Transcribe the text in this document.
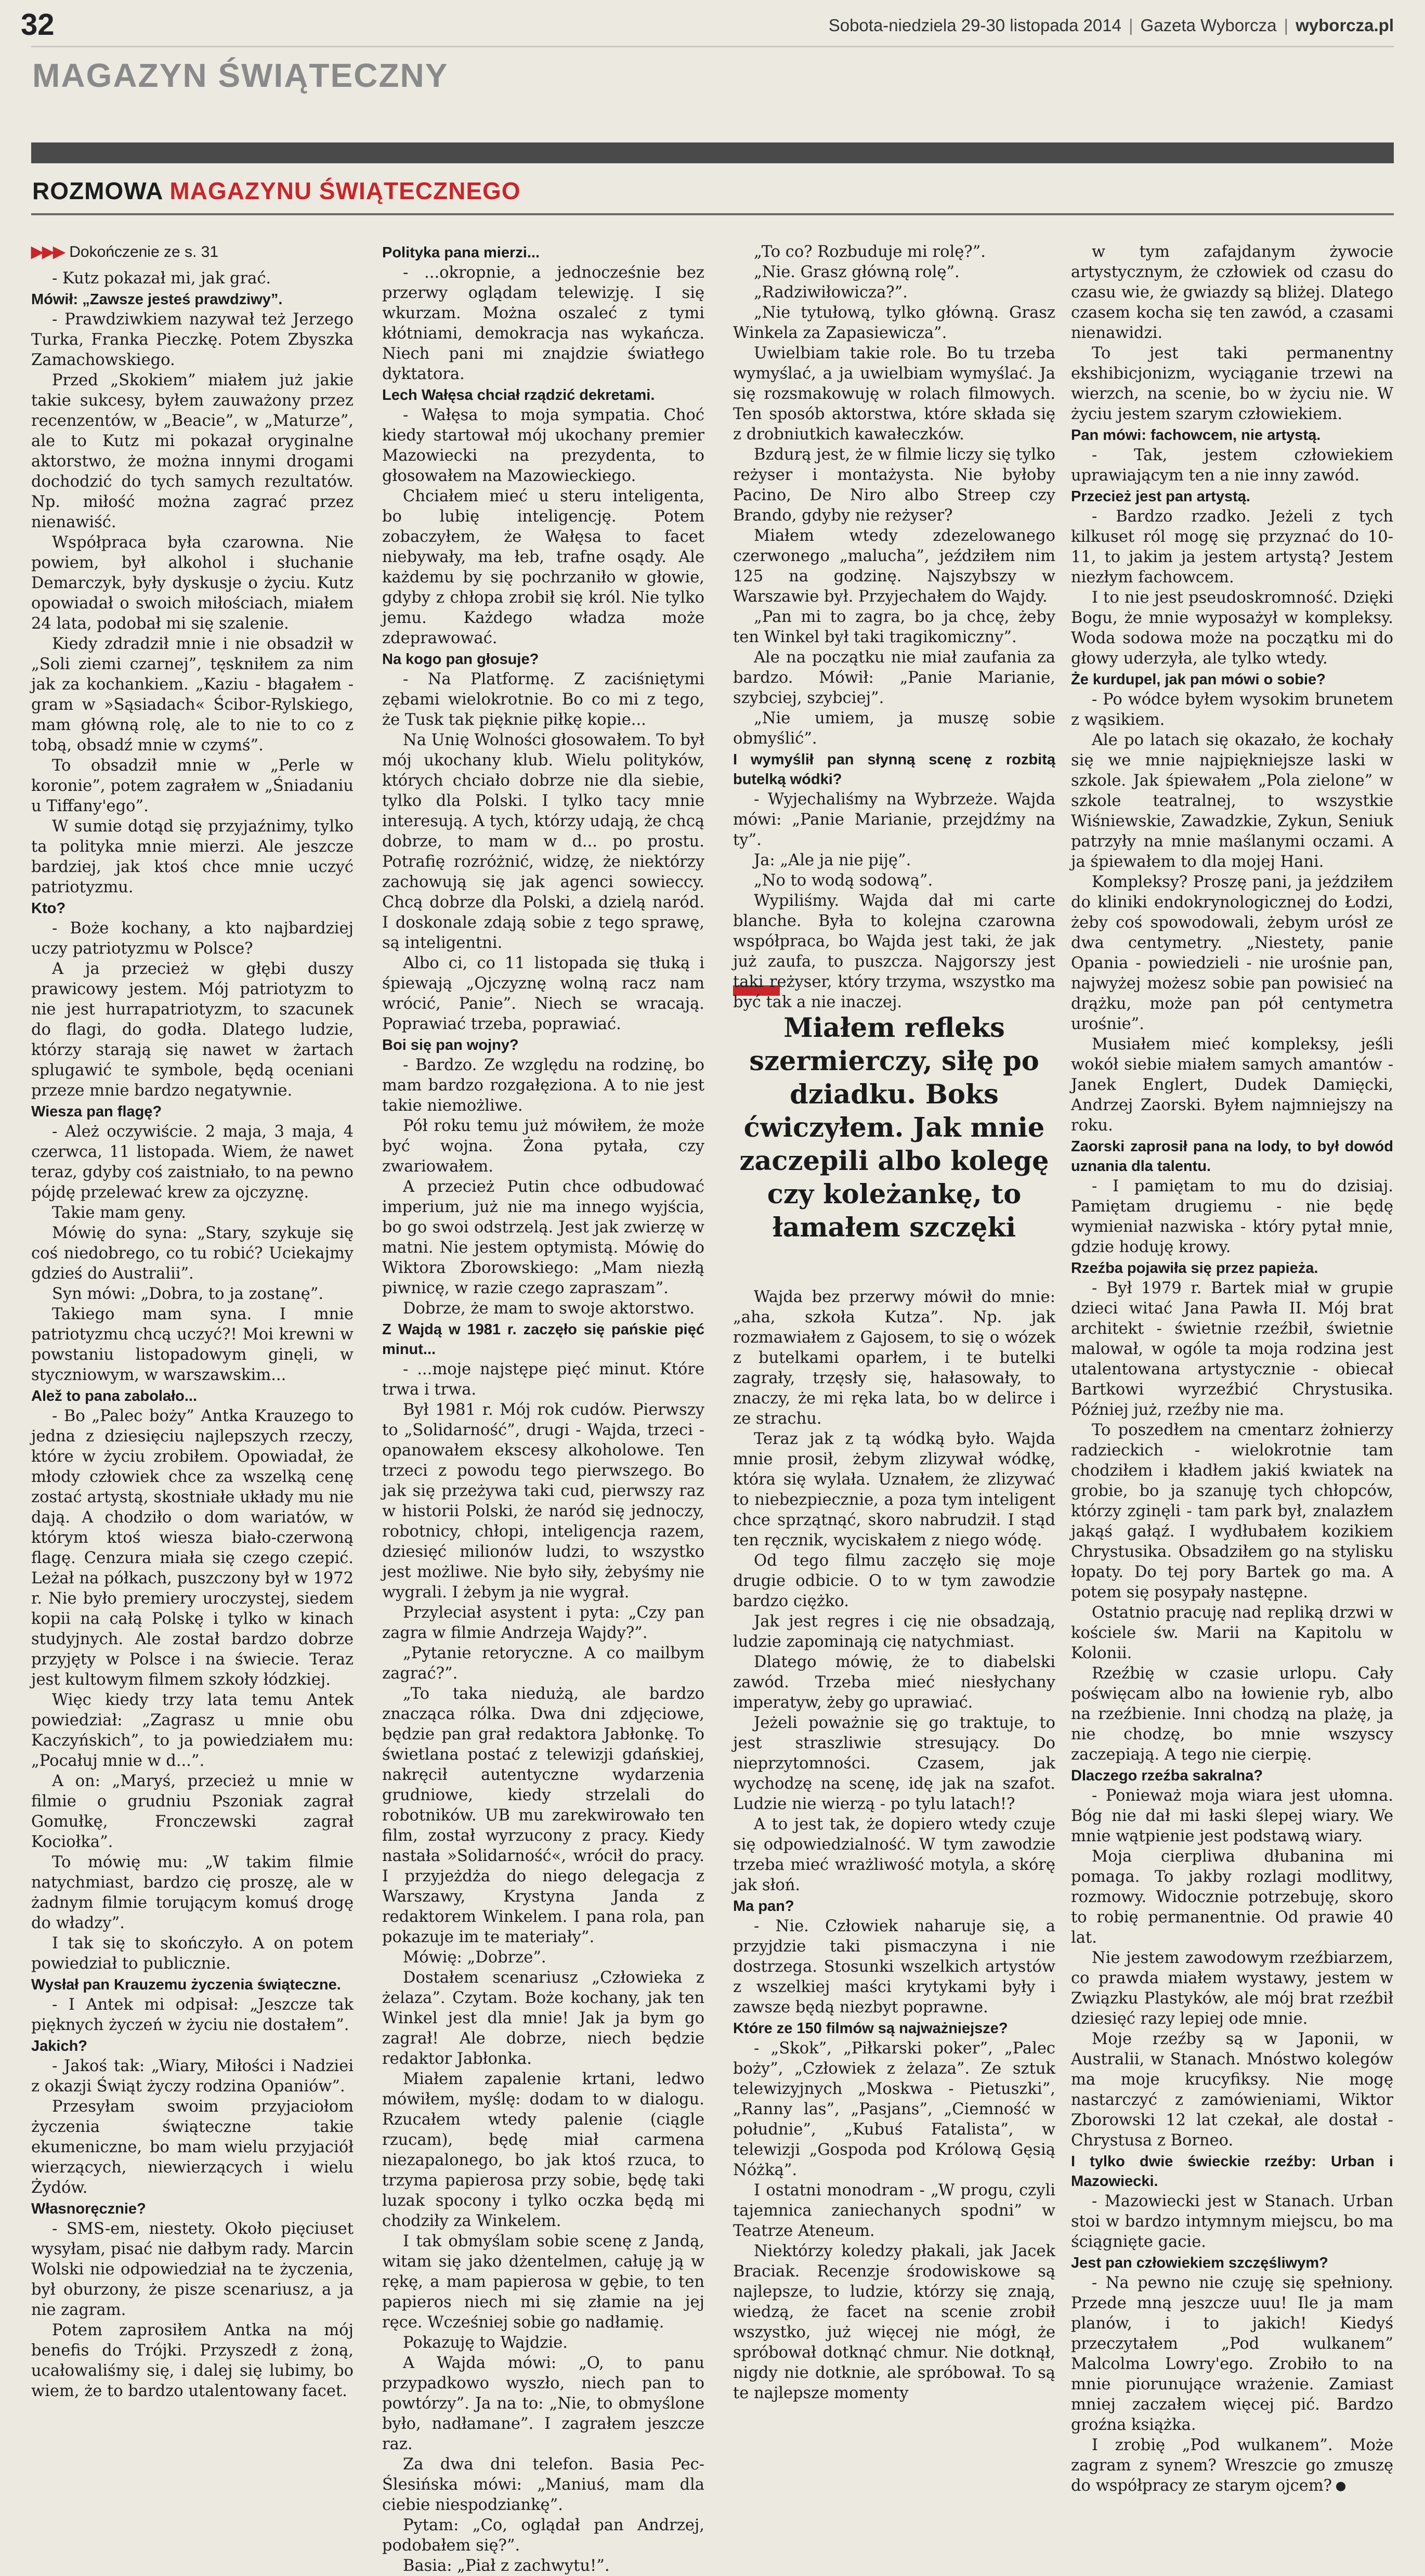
32	Sobota-niedziela 29-30 listopada 2014 | Gazeta Wyborcza | wyborcza.pl
MAGAZYN ŚWIĄTECZNY
ROZMOWA MAGAZYNU ŚWIĄTECZNEGO
▶▶▶ Dokończenie ze s. 31

- Kutz pokazał mi, jak grać.

Mówił: „Zawsze jesteś prawdziwy”.

- Prawdziwkiem nazywał też Jerzego Turka, Franka Pieczkę. Potem Zbyszka Zamachowskiego.

Przed „Skokiem” miałem już jakie takie sukcesy, byłem zauważony przez recenzentów, w „Beacie”, w „Maturze”, ale to Kutz mi pokazał oryginalne aktorstwo, że można innymi drogami dochodzić do tych samych rezultatów. Np. miłość można zagrać przez nienawiść.

Współpraca była czarowna. Nie powiem, był alkohol i słuchanie Demarczyk, były dyskusje o życiu. Kutz opowiadał o swoich miłościach, miałem 24 lata, podobał mi się szalenie.

Kiedy zdradził mnie i nie obsadził w „Soli ziemi czarnej”, tęskniłem za nim jak za kochankiem. „Kaziu - błagałem - gram w »Sąsiadach« Ścibor-Rylskiego, mam główną rolę, ale to nie to co z tobą, obsadź mnie w czymś”.

To obsadził mnie w „Perle w koronie”, potem zagrałem w „Śniadaniu u Tiffany'ego”.

W sumie dotąd się przyjaźnimy, tylko ta polityka mnie mierzi. Ale jeszcze bardziej, jak ktoś chce mnie uczyć patriotyzmu.

Kto?

- Boże kochany, a kto najbardziej uczy patriotyzmu w Polsce?

A ja przecież w głębi duszy prawicowy jestem. Mój patriotyzm to nie jest hurrapatriotyzm, to szacunek do flagi, do godła. Dlatego ludzie, którzy starają się nawet w żartach splugawić te symbole, będą oceniani przeze mnie bardzo negatywnie.

Wiesza pan flagę?

- Ależ oczywiście. 2 maja, 3 maja, 4 czerwca, 11 listopada. Wiem, że nawet teraz, gdyby coś zaistniało, to na pewno pójdę przelewać krew za ojczyznę.

Takie mam geny.

Mówię do syna: „Stary, szykuje się coś niedobrego, co tu robić? Uciekajmy gdzieś do Australii”.

Syn mówi: „Dobra, to ja zostanę”.

Takiego mam syna. I mnie patriotyzmu chcą uczyć?! Moi krewni w powstaniu listopadowym ginęli, w styczniowym, w warszawskim...

Alež to pana zabolało...

- Bo „Palec boży” Antka Krauzego to jedna z dziesięciu najlepszych rzeczy, które w życiu zrobiłem. Opowiadał, że młody człowiek chce za wszelką cenę zostać artystą, skostniałe układy mu nie dają. A chodziło o dom wariatów, w którym ktoś wiesza biało-czerwoną flagę. Cenzura miała się czego czepić. Leżał na półkach, puszczony był w 1972 r. Nie było premiery uroczystej, siedem kopii na całą Polskę i tylko w kinach studyjnych. Ale został bardzo dobrze przyjęty w Polsce i na świecie. Teraz jest kultowym filmem szkoły łódzkiej.

Więc kiedy trzy lata temu Antek powiedział: „Zagrasz u mnie obu Kaczyńskich”, to ja powiedziałem mu: „Pocałuj mnie w d...”.

A on: „Maryś, przecież u mnie w filmie o grudniu Pszoniak zagrał Gomułkę, Fronczewski zagrał Kociołka”.

To mówię mu: „W takim filmie natychmiast, bardzo cię proszę, ale w żadnym filmie torującym komuś drogę do władzy”.

I tak się to skończyło. A on potem powiedział to publicznie.

Wysłał pan Krauzemu życzenia świąteczne.

- I Antek mi odpisał: „Jeszcze tak pięknych życzeń w życiu nie dostałem”.

Jakich?

- Jakoś tak: „Wiary, Miłości i Nadziei z okazji Świąt życzy rodzina Opaniów”.

Przesyłam swoim przyjaciołom życzenia świąteczne takie ekumeniczne, bo mam wielu przyjaciół wierzących, niewierzących i wielu Żydów.

Własnoręcznie?

- SMS-em, niestety. Około pięciuset wysyłam, pisać nie dałbym rady. Marcin Wolski nie odpowiedział na te życzenia, był oburzony, że pisze scenariusz, a ja nie zagram.

Potem zaprosiłem Antka na mój benefis do Trójki. Przyszedł z żoną, ucałowaliśmy się, i dalej się lubimy, bo wiem, że to bardzo utalentowany facet.

Polityka pana mierzi...

- ...okropnie, a jednocześnie bez przerwy oglądam telewizję. I się wkurzam. Można oszaleć z tymi kłótniami, demokracja nas wykańcza. Niech pani mi znajdzie światłego dyktatora.

Lech Wałęsa chciał rządzić dekretami.

- Wałęsa to moja sympatia. Choć kiedy startował mój ukochany premier Mazowiecki na prezydenta, to głosowałem na Mazowieckiego.

Chciałem mieć u steru inteligenta, bo lubię inteligencję. Potem zobaczyłem, że Wałęsa to facet niebywały, ma łeb, trafne osądy. Ale każdemu by się pochrzaniło w głowie, gdyby z chłopa zrobił się król. Nie tylko jemu. Każdego władza może zdeprawować.

Na kogo pan głosuje?

- Na Platformę. Z zaciśniętymi zębami wielokrotnie. Bo co mi z tego, że Tusk tak pięknie piłkę kopie...

Na Unię Wolności głosowałem. To był mój ukochany klub. Wielu polityków, których chciało dobrze nie dla siebie, tylko dla Polski. I tylko tacy mnie interesują. A tych, którzy udają, że chcą dobrze, to mam w d... po prostu. Potrafię rozróżnić, widzę, że niektórzy zachowują się jak agenci sowieccy. Chcą dobrze dla Polski, a dzielą naród. I doskonale zdają sobie z tego sprawę, są inteligentni.

Albo ci, co 11 listopada się tłuką i śpiewają „Ojczyznę wolną racz nam wrócić, Panie”. Niech se wracają. Poprawiać trzeba, poprawiać.

Boi się pan wojny?

- Bardzo. Ze względu na rodzinę, bo mam bardzo rozgałęziona. A to nie jest takie niemożliwe.

Pół roku temu już mówiłem, że może być wojna. Żona pytała, czy zwariowałem.

A przecież Putin chce odbudować imperium, już nie ma innego wyjścia, bo go swoi odstrzelą. Jest jak zwierzę w matni. Nie jestem optymistą. Mówię do Wiktora Zborowskiego: „Mam niezłą piwnicę, w razie czego zapraszam”.

Dobrze, że mam to swoje aktorstwo.

Z Wajdą w 1981 r. zaczęło się pańskie pięć minut...

- ...moje najstępe pięć minut. Które trwa i trwa.

Był 1981 r. Mój rok cudów. Pierwszy to „Solidarność”, drugi - Wajda, trzeci - opanowałem ekscesy alkoholowe. Ten trzeci z powodu tego pierwszego. Bo jak się przeżywa taki cud, pierwszy raz w historii Polski, że naród się jednoczy, robotnicy, chłopi, inteligencja razem, dziesięć milionów ludzi, to wszystko jest możliwe. Nie było siły, żebyśmy nie wygrali. I żebym ja nie wygrał.

Przyleciał asystent i pyta: „Czy pan zagra w filmie Andrzeja Wajdy?”.

„Pytanie retoryczne. A co mailbym zagrać?”.

„To taka niedużą, ale bardzo znacząca rólka. Dwa dni zdjęciowe, będzie pan grał redaktora Jabłonkę. To świetlana postać z telewizji gdańskiej, nakręcił autentyczne wydarzenia grudniowe, kiedy strzelali do robotników. UB mu zarekwirowało ten film, został wyrzucony z pracy. Kiedy nastała »Solidarność«, wrócił do pracy. I przyjeżdża do niego delegacja z Warszawy, Krystyna Janda z redaktorem Winkelem. I pana rola, pan pokazuje im te materiały”.

Mówię: „Dobrze”.

Dostałem scenariusz „Człowieka z żelaza”. Czytam. Boże kochany, jak ten Winkel jest dla mnie! Jak ja bym go zagrał! Ale dobrze, niech będzie redaktor Jabłonka.

Miałem zapalenie krtani, ledwo mówiłem, myślę: dodam to w dialogu. Rzucałem wtedy palenie (ciągle rzucam), będę miał carmena niezapalonego, bo jak ktoś rzuca, to trzyma papierosa przy sobie, będę taki luzak spocony i tylko oczka będą mi chodziły za Winkelem.

I tak obmyślam sobie scenę z Jandą, witam się jako dżentelmen, całuję ją w rękę, a mam papierosa w gębie, to ten papieros niech mi się złamie na jej ręce. Wcześniej sobie go nadłamię.

Pokazuję to Wajdzie.

A Wajda mówi: „O, to panu przypadkowo wyszło, niech pan to powtórzy”. Ja na to: „Nie, to obmyślone było, nadłamane”. I zagrałem jeszcze raz.

Za dwa dni telefon. Basia Pec-Ślesińska mówi: „Maniuś, mam dla ciebie niespodziankę”.

Pytam: „Co, oglądał pan Andrzej, podobałem się?”.

Basia: „Piał z zachwytu!”.

„To co? Rozbuduje mi rolę?”.

„Nie. Grasz główną rolę”.

„Radziwiłowicza?”.

„Nie tytułową, tylko główną. Grasz Winkela za Zapasiewicza”.

Uwielbiam takie role. Bo tu trzeba wymyślać, a ja uwielbiam wymyślać. Ja się rozsmakowuję w rolach filmowych. Ten sposób aktorstwa, które składa się z drobniutkich kawałeczków.

Bzdurą jest, że w filmie liczy się tylko reżyser i montażysta. Nie byłoby Pacino, De Niro albo Streep czy Brando, gdyby nie reżyser?

Miałem wtedy zdezelowanego czerwonego „malucha”, jeździłem nim 125 na godzinę. Najszybszy w Warszawie był. Przyjechałem do Wajdy.

„Pan mi to zagra, bo ja chcę, żeby ten Winkel był taki tragikomiczny”.

Ale na początku nie miał zaufania za bardzo. Mówił: „Panie Marianie, szybciej, szybciej”.

„Nie umiem, ja muszę sobie obmyślić”.

I wymyślił pan słynną scenę z rozbitą butelką wódki?

- Wyjechaliśmy na Wybrzeże. Wajda mówi: „Panie Marianie, przejdźmy na ty”.

Ja: „Ale ja nie piję”.

„No to wodą sodową”.

Wypiliśmy. Wajda dał mi carte blanche. Była to kolejna czarowna współpraca, bo Wajda jest taki, że jak już zaufa, to puszcza. Najgorszy jest taki reżyser, który trzyma, wszystko ma być tak a nie inaczej.

Miałem refleks szermierczy, siłę po dziadku. Boks ćwiczyłem. Jak mnie zaczepili albo kolegę czy koleżankę, to łamałem szczęki

Wajda bez przerwy mówił do mnie: „aha, szkoła Kutza”. Np. jak rozmawiałem z Gajosem, to się o wózek z butelkami oparłem, i te butelki zagrały, trzęsły się, hałasowały, to znaczy, że mi ręka lata, bo w delirce i ze strachu.

Teraz jak z tą wódką było. Wajda mnie prosił, żebym zlizywał wódkę, która się wylała. Uznałem, że zlizywać to niebezpiecznie, a poza tym inteligent chce sprzątnąć, skoro nabrudził. I stąd ten ręcznik, wyciskałem z niego wódę.

Od tego filmu zaczęło się moje drugie odbicie. O to w tym zawodzie bardzo ciężko.

Jak jest regres i cię nie obsadzają, ludzie zapominają cię natychmiast.

Dlatego mówię, że to diabelski zawód. Trzeba mieć niesłychany imperatyw, żeby go uprawiać.

Jeżeli poważnie się go traktuje, to jest straszliwie stresujący. Do nieprzytomności. Czasem, jak wychodzę na scenę, idę jak na szafot. Ludzie nie wierzą - po tylu latach!?

A to jest tak, że dopiero wtedy czuje się odpowiedzialność. W tym zawodzie trzeba mieć wrażliwość motyla, a skórę jak słoń.

Ma pan?

- Nie. Człowiek naharuje się, a przyjdzie taki pismaczyna i nie dostrzega. Stosunki wszelkich artystów z wszelkiej maści krytykami były i zawsze będą niezbyt poprawne.

Które ze 150 filmów są najważniejsze?

- „Skok”, „Piłkarski poker”, „Palec boży”, „Człowiek z żelaza”. Ze sztuk telewizyjnych „Moskwa - Pietuszki”, „Ranny las”, „Pasjans”, „Ciemność w południe”, „Kubuś Fatalista”, w telewizji „Gospoda pod Królową Gęsią Nóżką”.

I ostatni monodram - „W progu, czyli tajemnica zaniechanych spodni” w Teatrze Ateneum.

Niektórzy koledzy płakali, jak Jacek Braciak. Recenzje środowiskowe są najlepsze, to ludzie, którzy się znają, wiedzą, że facet na scenie zrobił wszystko, już więcej nie mógł, że spróbował dotknąć chmur. Nie dotknął, nigdy nie dotknie, ale spróbował. To są te najlepsze momenty

w tym zafajdanym żywocie artystycznym, że człowiek od czasu do czasu wie, że gwiazdy są bliżej. Dlatego czasem kocha się ten zawód, a czasami nienawidzi.

To jest taki permanentny ekshibicjonizm, wyciąganie trzewi na wierzch, na scenie, bo w życiu nie. W życiu jestem szarym człowiekiem.

Pan mówi: fachowcem, nie artystą.

- Tak, jestem człowiekiem uprawiającym ten a nie inny zawód.

Przecież jest pan artystą.

- Bardzo rzadko. Jeżeli z tych kilkuset ról mogę się przyznać do 10-11, to jakim ja jestem artystą? Jestem niezłym fachowcem.

I to nie jest pseudoskromność. Dzięki Bogu, że mnie wyposażył w kompleksy. Woda sodowa może na początku mi do głowy uderzyła, ale tylko wtedy.

Że kurdupel, jak pan mówi o sobie?

- Po wódce byłem wysokim brunetem z wąsikiem.

Ale po latach się okazało, że kochały się we mnie najpiękniejsze laski w szkole. Jak śpiewałem „Pola zielone” w szkole teatralnej, to wszystkie Wiśniewskie, Zawadzkie, Zykun, Seniuk patrzyły na mnie maślanymi oczami. A ja śpiewałem to dla mojej Hani.

Kompleksy? Proszę pani, ja jeździłem do kliniki endokrynologicznej do Łodzi, żeby coś spowodowali, żebym urósł ze dwa centymetry. „Niestety, panie Opania - powiedzieli - nie urośnie pan, najwyżej możesz sobie pan powisieć na drążku, może pan pół centymetra urośnie”.

Musiałem mieć kompleksy, jeśli wokół siebie miałem samych amantów - Janek Englert, Dudek Damięcki, Andrzej Zaorski. Byłem najmniejszy na roku.

Zaorski zaprosił pana na lody, to był dowód uznania dla talentu.

- I pamiętam to mu do dzisiaj. Pamiętam drugiemu - nie będę wymieniał nazwiska - który pytał mnie, gdzie hoduję krowy.

Rzeźba pojawiła się przez papieża.

- Był 1979 r. Bartek miał w grupie dzieci witać Jana Pawła II. Mój brat architekt - świetnie rzeźbił, świetnie malował, w ogóle ta moja rodzina jest utalentowana artystycznie - obiecał Bartkowi wyrzeźbić Chrystusika. Później już, rzeźby nie ma.

To poszedłem na cmentarz żołnierzy radzieckich - wielokrotnie tam chodziłem i kładłem jakiś kwiatek na grobie, bo ja szanuję tych chłopców, którzy zginęli - tam park był, znalazłem jakąś gałąź. I wydłubałem kozikiem Chrystusika. Obsadziłem go na stylisku łopaty. Do tej pory Bartek go ma. A potem się posypały następne.

Ostatnio pracuję nad repliką drzwi w kościele św. Marii na Kapitolu w Kolonii.

Rzeźbię w czasie urlopu. Cały poświęcam albo na łowienie ryb, albo na rzeźbienie. Inni chodzą na plażę, ja nie chodzę, bo mnie wszyscy zaczepiają. A tego nie cierpię.

Dlaczego rzeźba sakralna?

- Ponieważ moja wiara jest ułomna. Bóg nie dał mi łaski ślepej wiary. We mnie wątpienie jest podstawą wiary.

Moja cierpliwa dłubanina mi pomaga. To jakby rozlagi modlitwy, rozmowy. Widocznie potrzebuję, skoro to robię permanentnie. Od prawie 40 lat.

Nie jestem zawodowym rzeźbiarzem, co prawda miałem wystawy, jestem w Związku Plastyków, ale mój brat rzeźbił dziesięć razy lepiej ode mnie.

Moje rzeźby są w Japonii, w Australii, w Stanach. Mnóstwo kolegów ma moje krucyfiksy. Nie mogę nastarczyć z zamówieniami, Wiktor Zborowski 12 lat czekał, ale dostał - Chrystusa z Borneo.

I tylko dwie świeckie rzeźby: Urban i Mazowiecki.

- Mazowiecki jest w Stanach. Urban stoi w bardzo intymnym miejscu, bo ma ściągnięte gacie.

Jest pan człowiekiem szczęśliwym?

- Na pewno nie czuję się spełniony. Przede mną jeszcze uuu! Ile ja mam planów, i to jakich! Kiedyś przeczytałem „Pod wulkanem” Malcolma Lowry'ego. Zrobiło to na mnie piorunujące wrażenie. Zamiast mniej zaczałem więcej pić. Bardzo groźna książka.

I zrobię „Pod wulkanem”. Może zagram z synem? Wreszcie go zmuszę do współpracy ze starym ojcem?
